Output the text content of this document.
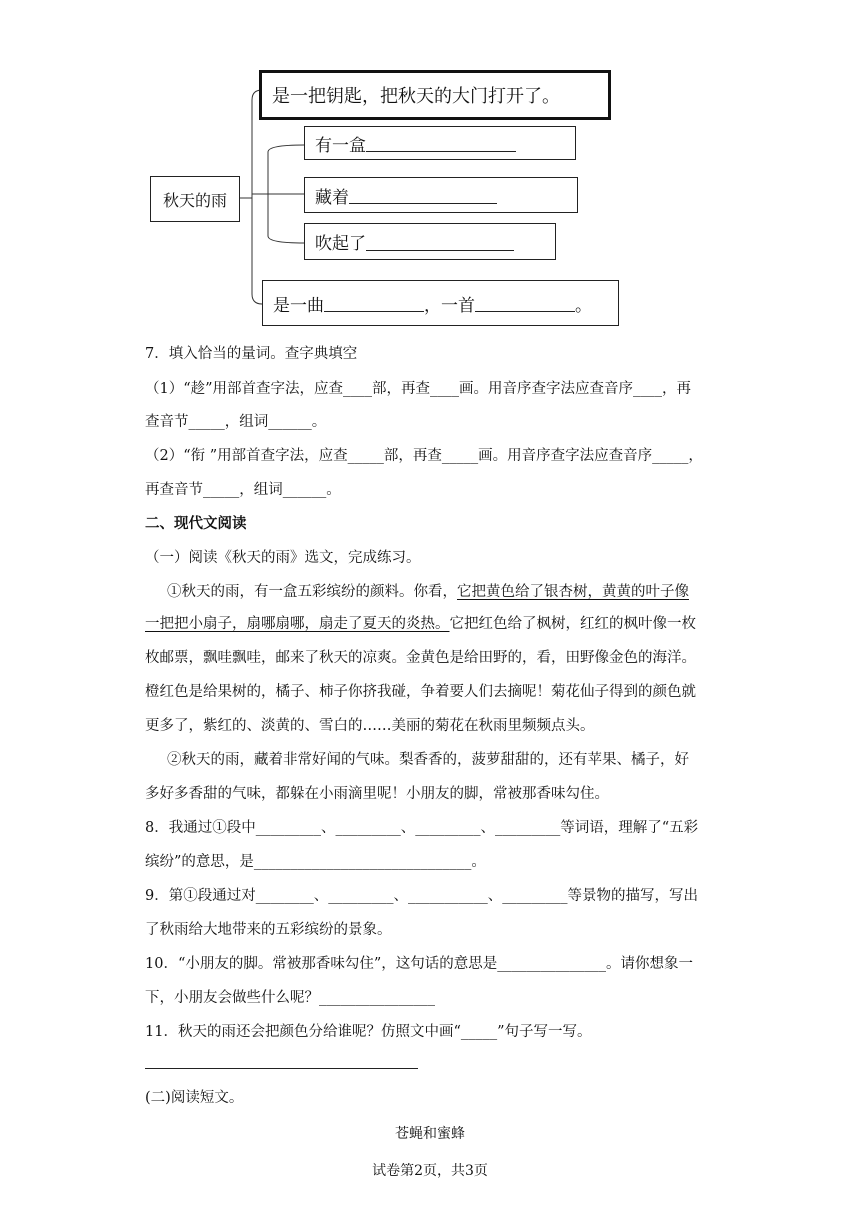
秋天的雨
是一把钥匙，把秋天的大门打开了。
有一盒
藏着
吹起了
是一曲	，一首	。
7．填入恰当的量词。查字典填空
（1）“趁”用部首查字法，应查____部，再查____画。用音序查字法应查音序____，再
查音节_____，组词______。
（2）“衔 ”用部首查字法，应查_____部，再查_____画。用音序查字法应查音序_____，
再查音节_____，组词______。
二、现代文阅读
（一）阅读《秋天的雨》选文，完成练习。
①秋天的雨，有一盒五彩缤纷的颜料。你看，它把黄色给了银杏树，黄黄的叶子像
一把把小扇子，扇哪扇哪，扇走了夏天的炎热。它把红色给了枫树，红红的枫叶像一枚
枚邮票，飘哇飘哇，邮来了秋天的凉爽。金黄色是给田野的，看，田野像金色的海洋。
橙红色是给果树的，橘子、柿子你挤我碰，争着要人们去摘呢！菊花仙子得到的颜色就
更多了，紫红的、淡黄的、雪白的……美丽的菊花在秋雨里频频点头。
②秋天的雨，藏着非常好闻的气味。梨香香的，菠萝甜甜的，还有苹果、橘子，好
多好多香甜的气味，都躲在小雨滴里呢！小朋友的脚，常被那香味勾住。
8．我通过①段中_________、_________、_________、_________等词语，理解了“五彩
缤纷”的意思，是______________________________。
9．第①段通过对________、_________、___________、_________等景物的描写，写出
了秋雨给大地带来的五彩缤纷的景象。
10．“小朋友的脚。常被那香味勾住”，这句话的意思是_______________。请你想象一
下，小朋友会做些什么呢？________________
11．秋天的雨还会把颜色分给谁呢？仿照文中画“_____”句子写一写。
(二)阅读短文。
苍蝇和蜜蜂
试卷第2页，共3页
